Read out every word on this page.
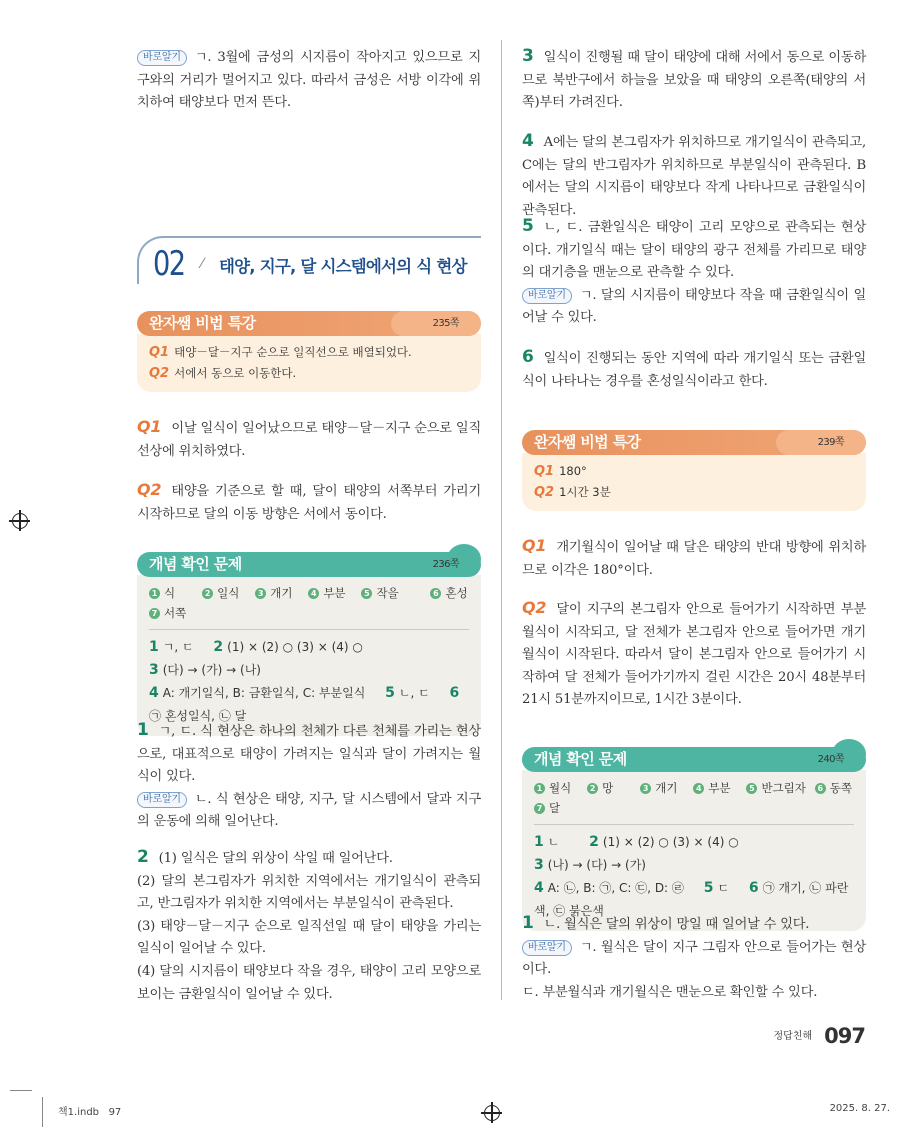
바로알기 ㄱ. 3월에 금성의 시지름이 작아지고 있으므로 지구와의 거리가 멀어지고 있다. 따라서 금성은 서방 이각에 위치하여 태양보다 먼저 뜬다.

02 ⁄ 태양, 지구, 달 시스템에서의 식 현상
완자쌤 비법 특강	235쪽
Q1 태양－달－지구 순으로 일직선으로 배열되었다.
Q2 서에서 동으로 이동한다.

Q1 이날 일식이 일어났으므로 태양－달－지구 순으로 일직선상에 위치하였다.

Q2 태양을 기준으로 할 때, 달이 태양의 서쪽부터 가리기 시작하므로 달의 이동 방향은 서에서 동이다.

개념 확인 문제	236쪽
1 식	2 일식	3 개기	4 부분	5 작을	6 혼성
7 서쪽
1 ㄱ, ㄷ 2 (1) × (2) ○ (3) × (4) ○ 3 (다) → (가) → (나)
4 A: 개기일식, B: 금환일식, C: 부분일식 5 ㄴ, ㄷ 6㉠ 혼성일식, ㉡ 달

1 ㄱ, ㄷ. 식 현상은 하나의 천체가 다른 천체를 가리는 현상으로, 대표적으로 태양이 가려지는 일식과 달이 가려지는 월식이 있다.

바로알기 ㄴ. 식 현상은 태양, 지구, 달 시스템에서 달과 지구의 운동에 의해 일어난다.

2 (1) 일식은 달의 위상이 삭일 때 일어난다.

(2) 달의 본그림자가 위치한 지역에서는 개기일식이 관측되고, 반그림자가 위치한 지역에서는 부분일식이 관측된다.

(3) 태양－달－지구 순으로 일직선일 때 달이 태양을 가리는 일식이 일어날 수 있다.

(4) 달의 시지름이 태양보다 작을 경우, 태양이 고리 모양으로 보이는 금환일식이 일어날 수 있다.

3 일식이 진행될 때 달이 태양에 대해 서에서 동으로 이동하므로 북반구에서 하늘을 보았을 때 태양의 오른쪽(태양의 서쪽)부터 가려진다.

4 A에는 달의 본그림자가 위치하므로 개기일식이 관측되고, C에는 달의 반그림자가 위치하므로 부분일식이 관측된다. B에서는 달의 시지름이 태양보다 작게 나타나므로 금환일식이 관측된다.

5 ㄴ, ㄷ. 금환일식은 태양이 고리 모양으로 관측되는 현상이다. 개기일식 때는 달이 태양의 광구 전체를 가리므로 태양의 대기층을 맨눈으로 관측할 수 있다.

바로알기 ㄱ. 달의 시지름이 태양보다 작을 때 금환일식이 일어날 수 있다.

6 일식이 진행되는 동안 지역에 따라 개기일식 또는 금환일식이 나타나는 경우를 혼성일식이라고 한다.

완자쌤 비법 특강	239쪽
Q1 180°
Q2 1시간 3분

Q1 개기월식이 일어날 때 달은 태양의 반대 방향에 위치하므로 이각은 180°이다.

Q2 달이 지구의 본그림자 안으로 들어가기 시작하면 부분월식이 시작되고, 달 전체가 본그림자 안으로 들어가면 개기월식이 시작된다. 따라서 달이 본그림자 안으로 들어가기 시작하여 달 전체가 들어가기까지 걸린 시간은 20시 48분부터 21시 51분까지이므로, 1시간 3분이다.

개념 확인 문제	240쪽
1 월식	2 망	3 개기	4 부분	5 반그림자	6 동쪽
7 달
1 ㄴ 2 (1) × (2) ○ (3) × (4) ○ 3 (나) → (다) → (가)
4 A: ㉡, B: ㉠, C: ㉢, D: ㉣ 5 ㄷ 6 ㉠ 개기, ㉡ 파란색, ㉢ 붉은색

1 ㄴ. 월식은 달의 위상이 망일 때 일어날 수 있다.

바로알기 ㄱ. 월식은 달이 지구 그림자 안으로 들어가는 현상이다.

ㄷ. 부분월식과 개기월식은 맨눈으로 확인할 수 있다.

$^{정답친해}$ 097
책1.indb 97	2025. 8. 27.
